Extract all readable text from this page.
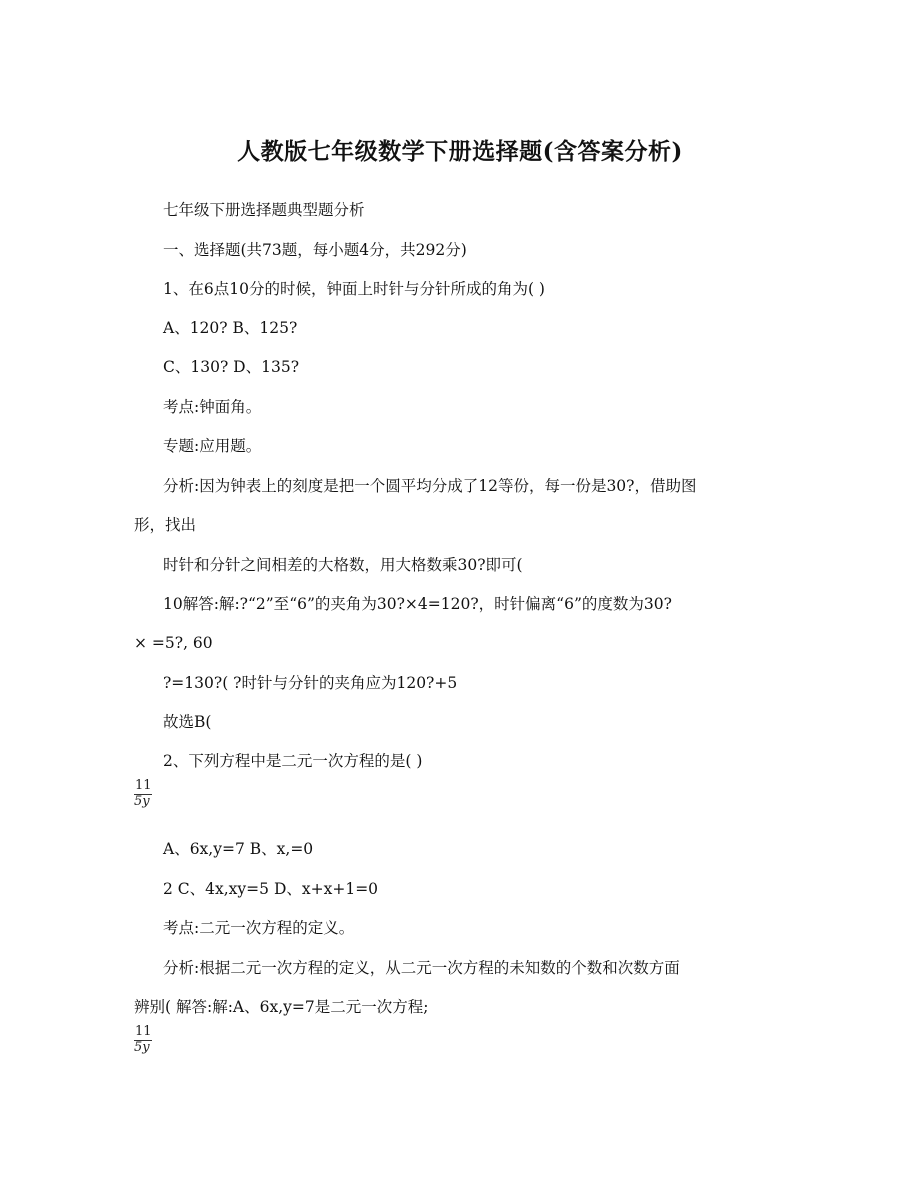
人教版七年级数学下册选择题(含答案分析)
七年级下册选择题典型题分析
一、选择题(共73题，每小题4分，共292分)
1、在6点10分的时候，钟面上时针与分针所成的角为( )
A、120? B、125?
C、130? D、135?
考点:钟面角。
专题:应用题。
分析:因为钟表上的刻度是把一个圆平均分成了12等份，每一份是30?，借助图
形，找出
时针和分针之间相差的大格数，用大格数乘30?即可(
10解答:解:?“2”至“6”的夹角为30?×4=120?，时针偏离“6”的度数为30?
× =5?, 60
?=130?( ?时针与分针的夹角应为120?+5
故选B(
2、下列方程中是二元一次方程的是( )
11
5y
A、6x,y=7 B、x,=0
2 C、4x,xy=5 D、x+x+1=0
考点:二元一次方程的定义。
分析:根据二元一次方程的定义，从二元一次方程的未知数的个数和次数方面
辨别( 解答:解:A、6x,y=7是二元一次方程;
11
5y
